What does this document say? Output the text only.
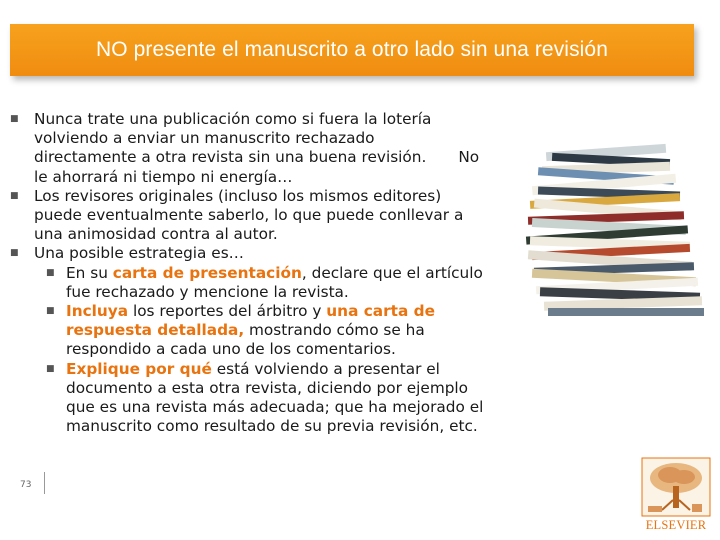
NO presente el manuscrito a otro lado sin una revisión
■ Nunca trate una publicación como si fuera la lotería
volviendo a enviar un manuscrito rechazado
directamente a otra revista sin una buena revisión. No
le ahorrará ni tiempo ni energía…
■ Los revisores originales (incluso los mismos editores)
puede eventualmente saberlo, lo que puede conllevar a
una animosidad contra al autor.
■ Una posible estrategia es…
■ En su carta de presentación, declare que el artículo
fue rechazado y mencione la revista.
■ Incluya los reportes del árbitro y una carta de
respuesta detallada, mostrando cómo se ha
respondido a cada uno de los comentarios.
■ Explique por qué está volviendo a presentar el
documento a esta otra revista, diciendo por ejemplo
que es una revista más adecuada; que ha mejorado el
manuscrito como resultado de su previa revisión, etc.
73
ELSEVIER
